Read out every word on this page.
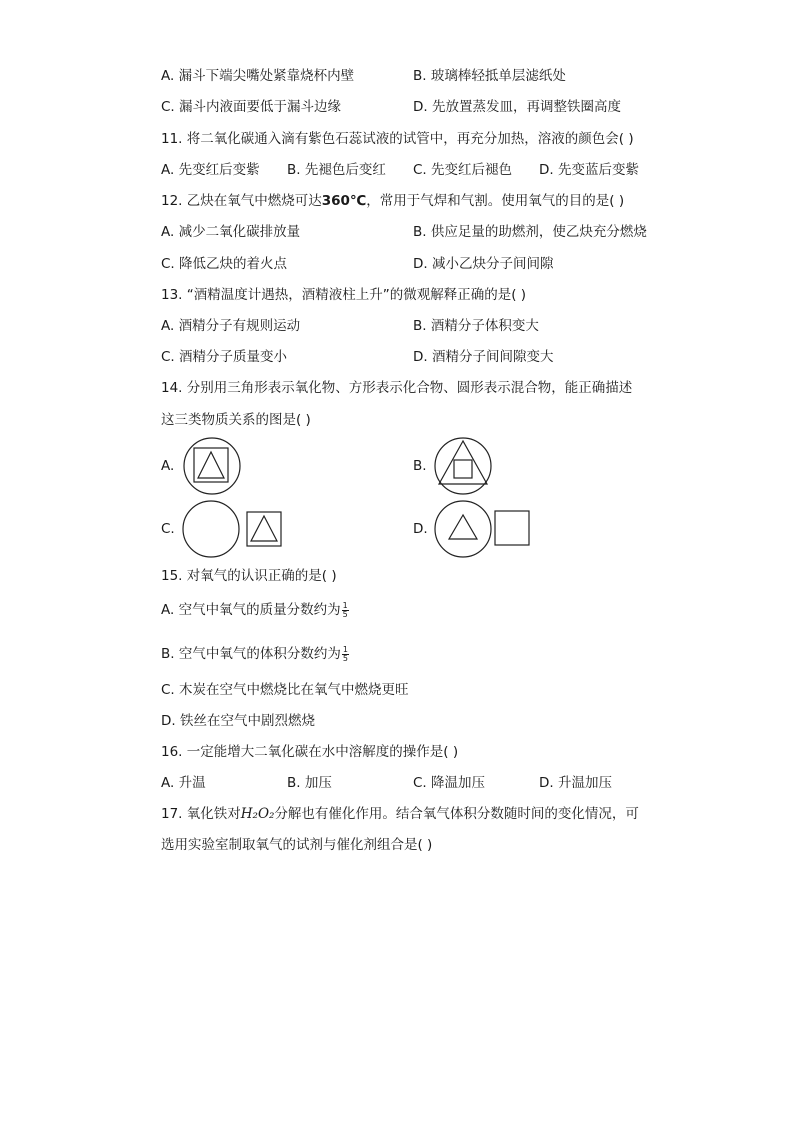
A. 漏斗下端尖嘴处紧靠烧杯内壁	B. 玻璃棒轻抵单层滤纸处
C. 漏斗内液面要低于漏斗边缘	D. 先放置蒸发皿，再调整铁圈高度
11. 将二氧化碳通入滴有紫色石蕊试液的试管中，再充分加热，溶液的颜色会( )
A. 先变红后变紫 B. 先褪色后变红 C. 先变红后褪色 D. 先变蓝后变紫
12. 乙炔在氧气中燃烧可达360℃，常用于气焊和气割。使用氧气的目的是( )
A. 减少二氧化碳排放量	B. 供应足量的助燃剂，使乙炔充分燃烧
C. 降低乙炔的着火点	D. 减小乙炔分子间间隙
13. “酒精温度计遇热，酒精液柱上升”的微观解释正确的是( )
A. 酒精分子有规则运动	B. 酒精分子体积变大
C. 酒精分子质量变小	D. 酒精分子间间隙变大
14. 分别用三角形表示氧化物、方形表示化合物、圆形表示混合物，能正确描述
这三类物质关系的图是( )
A.	B.
C.	D.
15. 对氧气的认识正确的是( )
A. 空气中氧气的质量分数约为 $\frac{1}{5}$
B. 空气中氧气的体积分数约为 $\frac{1}{5}$
C. 木炭在空气中燃烧比在氧气中燃烧更旺
D. 铁丝在空气中剧烈燃烧
16. 一定能增大二氧化碳在水中溶解度的操作是( )
A. 升温	B. 加压	C. 降温加压	D. 升温加压
17. 氧化铁对H₂O₂分解也有催化作用。结合氧气体积分数随时间的变化情况，可
选用实验室制取氧气的试剂与催化剂组合是( )
